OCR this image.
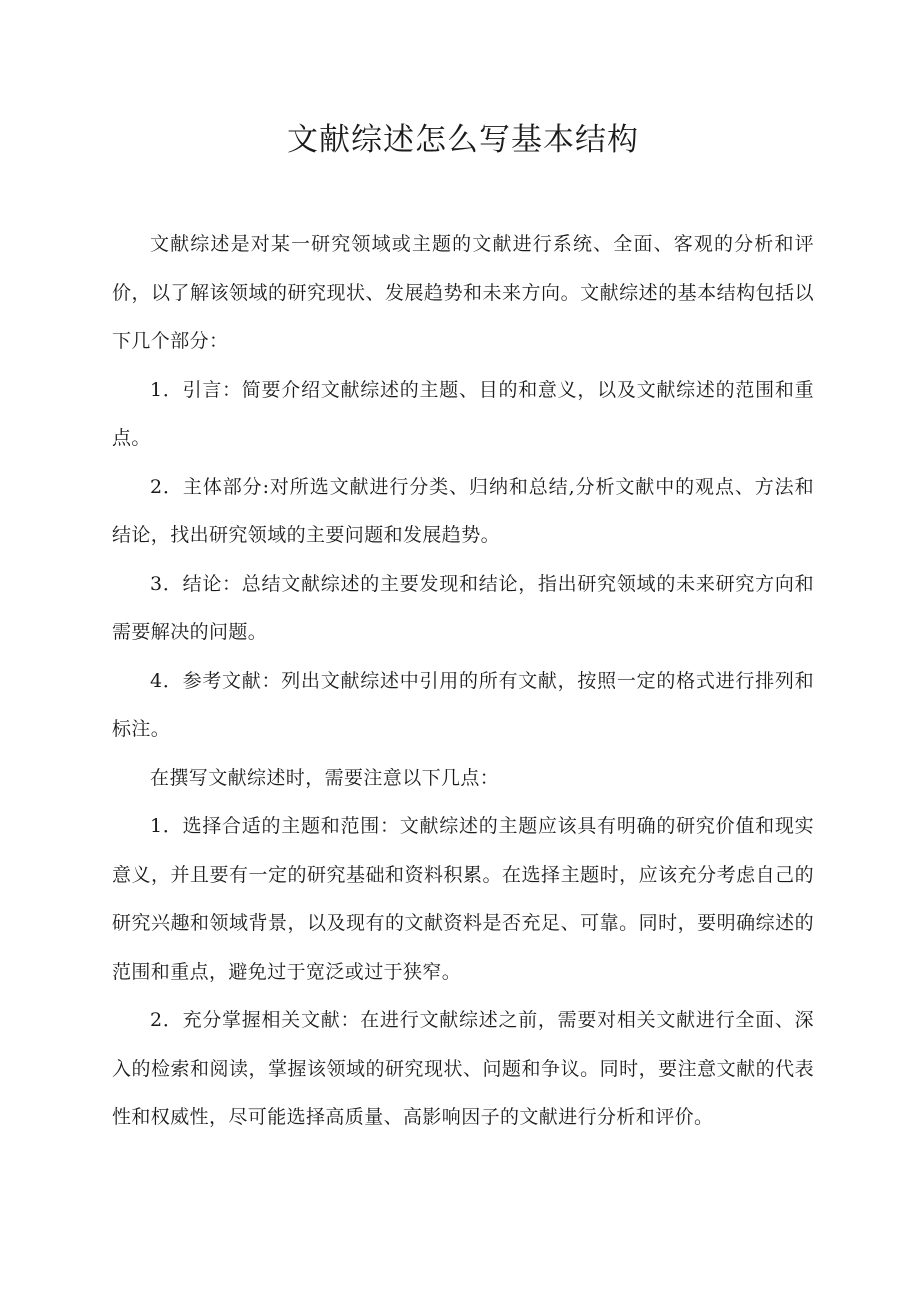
文献综述怎么写基本结构

文献综述是对某一研究领域或主题的文献进行系统、全面、客观的分析和评价，以了解该领域的研究现状、发展趋势和未来方向。文献综述的基本结构包括以下几个部分：

1．引言：简要介绍文献综述的主题、目的和意义，以及文献综述的范围和重点。

2．主体部分:对所选文献进行分类、归纳和总结,分析文献中的观点、方法和结论，找出研究领域的主要问题和发展趋势。

3．结论：总结文献综述的主要发现和结论，指出研究领域的未来研究方向和需要解决的问题。

4．参考文献：列出文献综述中引用的所有文献，按照一定的格式进行排列和标注。

在撰写文献综述时，需要注意以下几点：

1．选择合适的主题和范围：文献综述的主题应该具有明确的研究价值和现实意义，并且要有一定的研究基础和资料积累。在选择主题时，应该充分考虑自己的研究兴趣和领域背景，以及现有的文献资料是否充足、可靠。同时，要明确综述的范围和重点，避免过于宽泛或过于狭窄。

2．充分掌握相关文献：在进行文献综述之前，需要对相关文献进行全面、深入的检索和阅读，掌握该领域的研究现状、问题和争议。同时，要注意文献的代表性和权威性，尽可能选择高质量、高影响因子的文献进行分析和评价。
